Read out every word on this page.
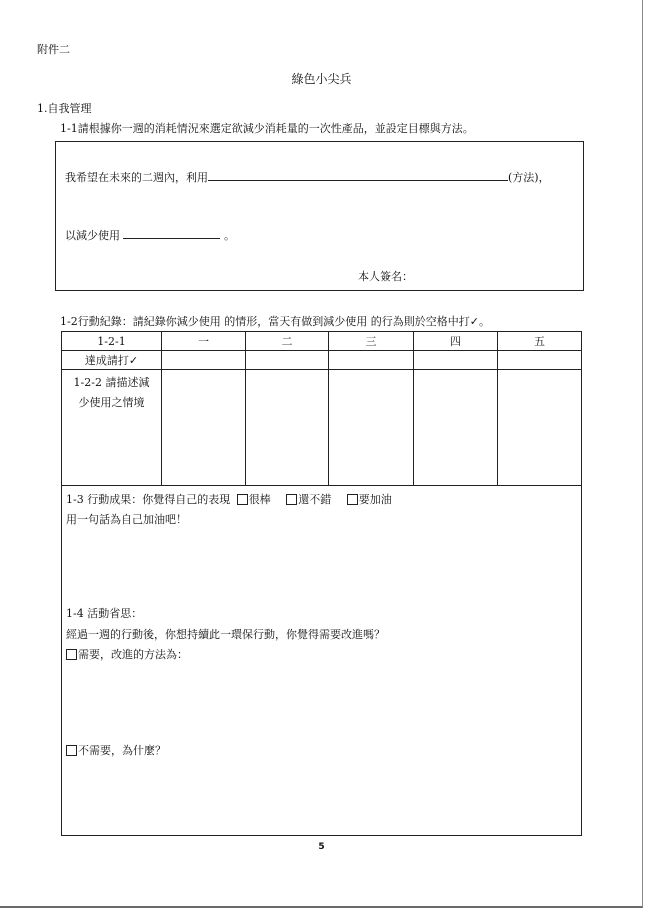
附件二
綠色小尖兵
1.自我管理
1-1請根據你一週的消耗情況來選定欲減少消耗量的一次性產品，並設定目標與方法。
我希望在未來的二週內，利用	(方法)，
以減少使用	。
本人簽名：
1-2行動紀錄：請紀錄你減少使用 的情形，當天有做到減少使用 的行為則於空格中打✓。
1-2-1	一	二	三	四	五
達成請打✓					

1-2-2 請描述減
少使用之情境					

1-3 行動成果：你覺得自己的表現 很棒	還不錯	要加油
用一句話為自己加油吧！
1-4 活動省思：
經過一週的行動後，你想持續此一環保行動，你覺得需要改進嗎？
需要，改進的方法為：
不需要，為什麼？
5
